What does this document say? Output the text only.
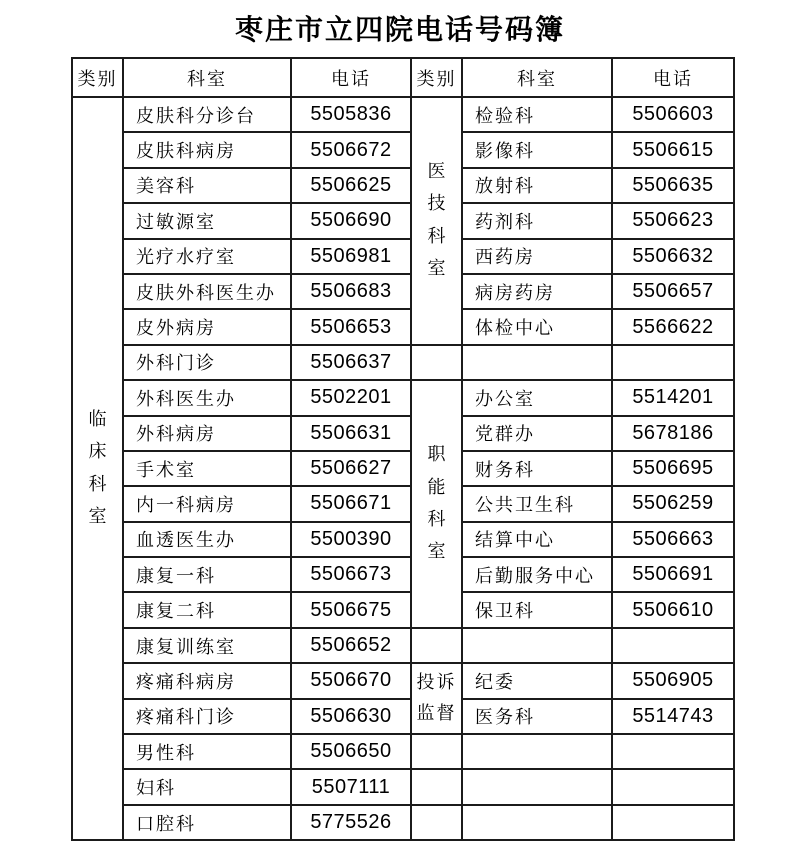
枣庄市立四院电话号码簿
类别	科室	电话	类别	科室	电话

临床科室	皮肤科分诊台	5505836	医技科室	检验科	5506603
	皮肤科病房	5506672		影像科	5506615
	美容科	5506625		放射科	5506635
	过敏源室	5506690		药剂科	5506623
	光疗水疗室	5506981		西药房	5506632
	皮肤外科医生办	5506683		病房药房	5506657
	皮外病房	5506653		体检中心	5566622
	外科门诊	5506637			
	外科医生办	5502201	职能科室	办公室	5514201
	外科病房	5506631		党群办	5678186
	手术室	5506627		财务科	5506695
	内一科病房	5506671		公共卫生科	5506259
	血透医生办	5500390		结算中心	5506663
	康复一科	5506673		后勤服务中心	5506691
	康复二科	5506675		保卫科	5506610
	康复训练室	5506652			
	疼痛科病房	5506670	投诉监督	纪委	5506905
	疼痛科门诊	5506630		医务科	5514743
	男性科	5506650			
	妇科	5507111			
	口腔科	5775526			
